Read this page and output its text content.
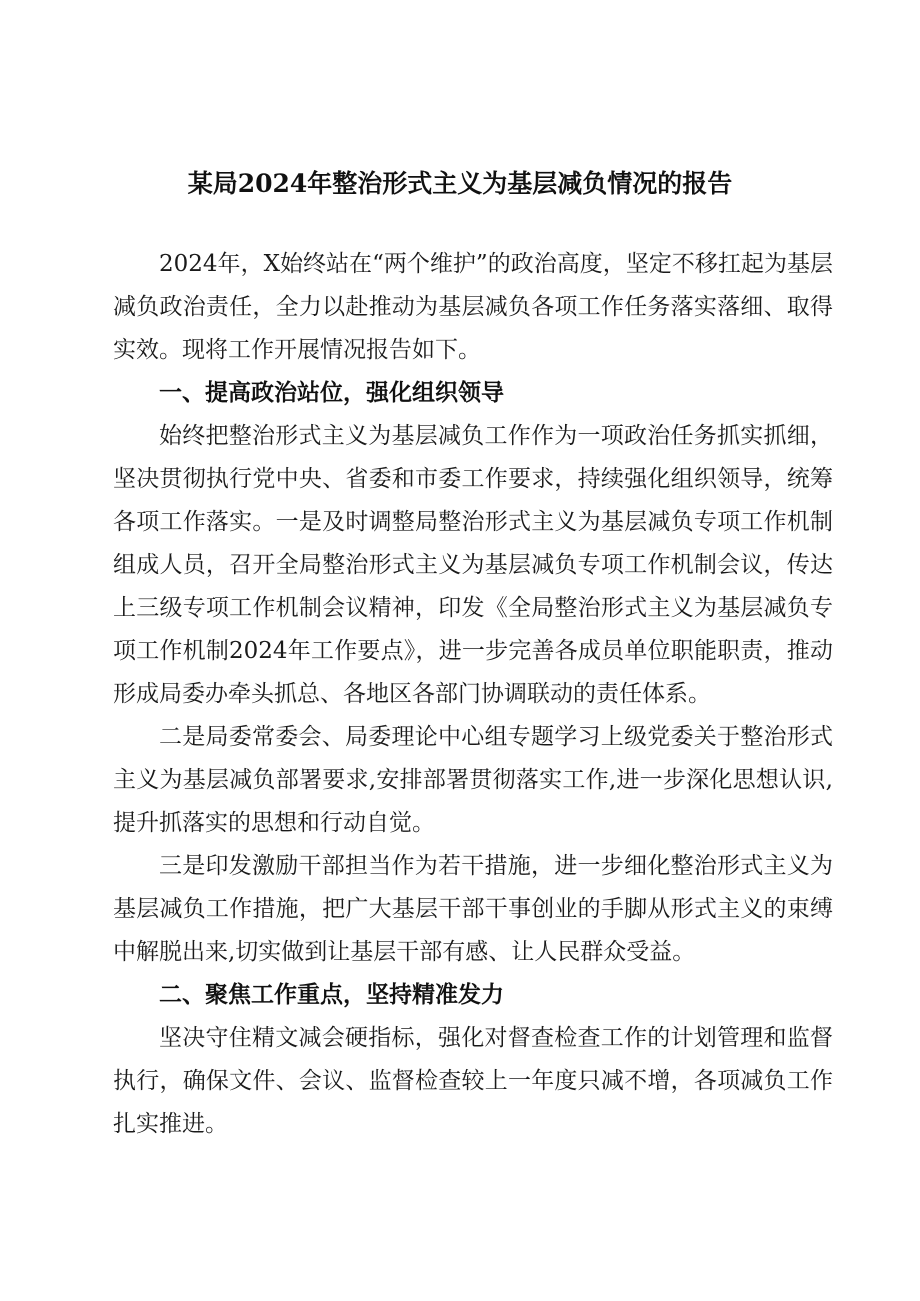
某局2024年整治形式主义为基层减负情况的报告

2024年，X始终站在“两个维护”的政治高度，坚定不移扛起为基层减负政治责任，全力以赴推动为基层减负各项工作任务落实落细、取得实效。现将工作开展情况报告如下。

一、提高政治站位，强化组织领导

始终把整治形式主义为基层减负工作作为一项政治任务抓实抓细，坚决贯彻执行党中央、省委和市委工作要求，持续强化组织领导，统筹各项工作落实。一是及时调整局整治形式主义为基层减负专项工作机制组成人员，召开全局整治形式主义为基层减负专项工作机制会议，传达上三级专项工作机制会议精神，印发《全局整治形式主义为基层减负专项工作机制2024年工作要点》，进一步完善各成员单位职能职责，推动形成局委办牵头抓总、各地区各部门协调联动的责任体系。

二是局委常委会、局委理论中心组专题学习上级党委关于整治形式主义为基层减负部署要求,安排部署贯彻落实工作,进一步深化思想认识,提升抓落实的思想和行动自觉。

三是印发激励干部担当作为若干措施，进一步细化整治形式主义为基层减负工作措施，把广大基层干部干事创业的手脚从形式主义的束缚中解脱出来,切实做到让基层干部有感、让人民群众受益。

二、聚焦工作重点，坚持精准发力

坚决守住精文减会硬指标，强化对督查检查工作的计划管理和监督执行，确保文件、会议、监督检查较上一年度只减不增，各项减负工作扎实推进。
